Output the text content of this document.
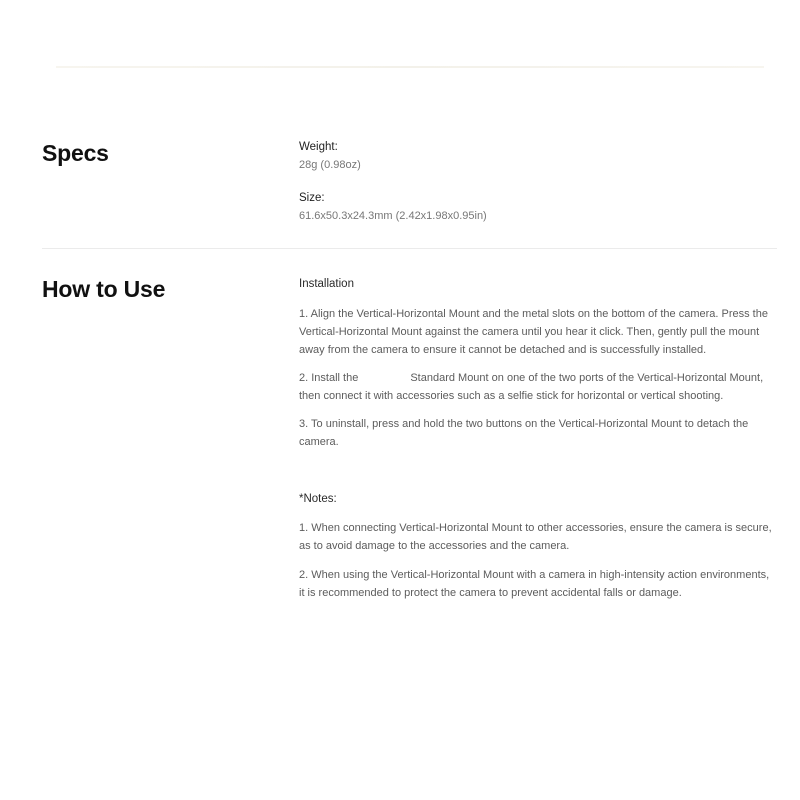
Specs	Weight:

28g (0.98oz)

Size:

61.6x50.3x24.3mm (2.42x1.98x0.95in)

How to Use	Installation

1. Align the Vertical-Horizontal Mount and the metal slots on the bottom of the camera. Press the Vertical-Horizontal Mount against the camera until you hear it click. Then, gently pull the mount away from the camera to ensure it cannot be detached and is successfully installed.

2. Install the	Standard Mount on one of the two ports of the Vertical-Horizontal Mount, then connect it with accessories such as a selfie stick for horizontal or vertical shooting.

3. To uninstall, press and hold the two buttons on the Vertical-Horizontal Mount to detach the camera.

*Notes:

1. When connecting Vertical-Horizontal Mount to other accessories, ensure the camera is secure, as to avoid damage to the accessories and the camera.

2. When using the Vertical-Horizontal Mount with a camera in high-intensity action environments, it is recommended to protect the camera to prevent accidental falls or damage.
